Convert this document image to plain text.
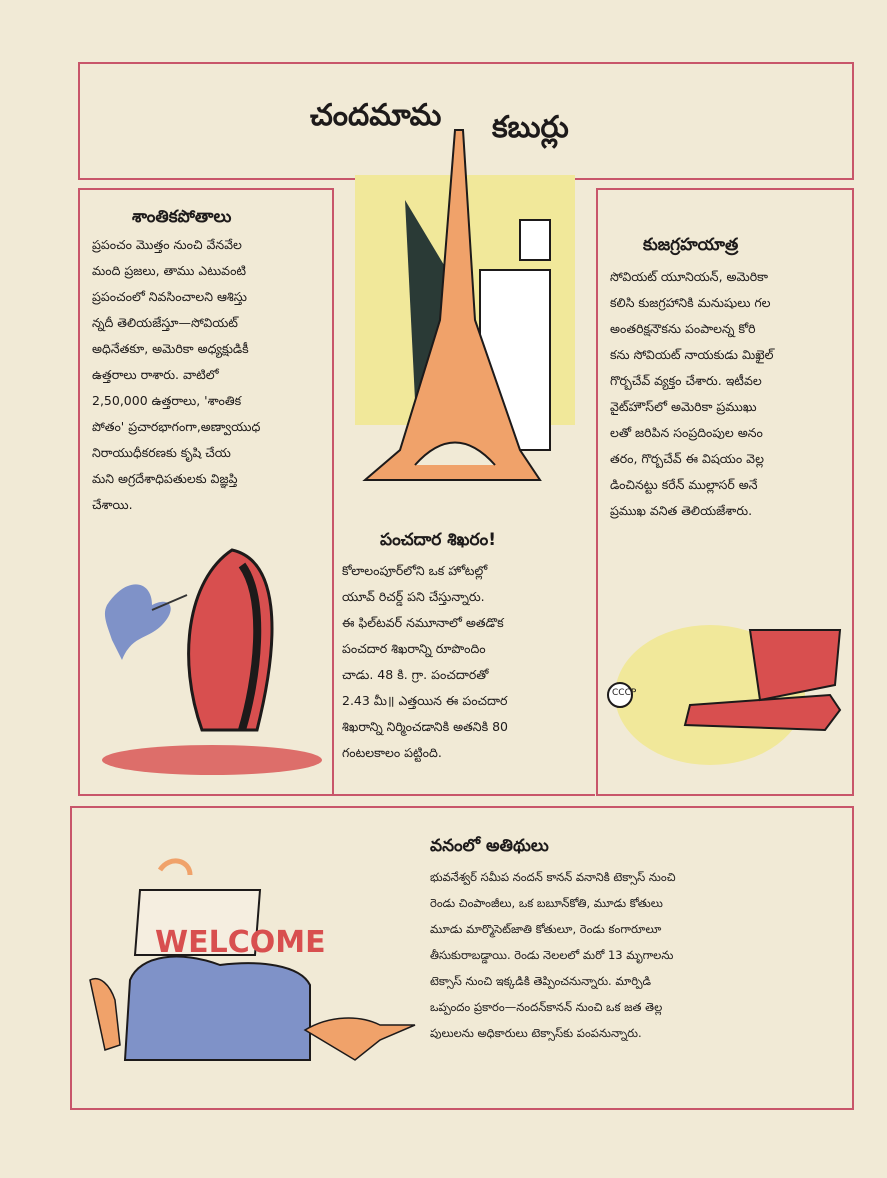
చందమామ కబుర్లు
శాంతికపోతాలు
ప్రపంచం మొత్తం నుంచి వేనవేల
మంది ప్రజలు, తాము ఎటువంటి
ప్రపంచంలో నివసించాలని ఆశిస్తు
న్నదీ తెలియజేస్తూ—సోవియట్
అధినేతకూ, అమెరికా అధ్యక్షుడికీ
ఉత్తరాలు రాశారు. వాటిలో
2,50,000 ఉత్తరాలు, 'శాంతిక
పోతం' ప్రచారభాగంగా,అణ్వాయుధ
నిరాయుధీకరణకు కృషి చేయ
మని అగ్రదేశాధిపతులకు విజ్ఞప్తి
చేశాయి.
పంచదార శిఖరం!
కోలాలంపూర్‌లోని ఒక హోటల్లో
యూవ్ రిచర్డ్ పని చేస్తున్నారు.
ఈ ఫిల్‌టవర్ నమూనాలో అతడొక
పంచదార శిఖరాన్ని రూపొందిం
చాడు. 48 కి. గ్రా. పంచదారతో
2.43 మీ॥ ఎత్తయిన ఈ పంచదార
శిఖరాన్ని నిర్మించడానికి అతనికి 80
గంటలకాలం పట్టింది.
కుజగ్రహయాత్ర
సోవియట్ యూనియన్, అమెరికా
కలిసి కుజగ్రహానికి మనుషులు గల
అంతరిక్షనౌకను పంపాలన్న కోరి
కను సోవియట్ నాయకుడు మిఖైల్
గొర్బచేవ్ వ్యక్తం చేశారు. ఇటీవల
వైట్‌హౌస్‌లో అమెరికా ప్రముఖు
లతో జరిపిన సంప్రదింపుల అనం
తరం, గొర్బచేవ్ ఈ విషయం వెల్ల
డించినట్టు కరేన్ ముల్లాసర్ అనే
ప్రముఖ వనిత తెలియజేశారు.
CCCP
WELCOME
వనంలో అతిథులు
భువనేశ్వర్ సమీప నందన్ కానన్ వనానికి టెక్సాస్ నుంచి
రెండు చింపాంజీలు, ఒక బబూన్‌కోతి, మూడు కోతులు
మూడు మార్మొసెట్‌జాతి కోతులూ, రెండు కంగారూలూ
తీసుకురాబడ్డాయి. రెండు నెలలలో మరో 13 మృగాలను
టెక్సాస్ నుంచి ఇక్కడికి తెప్పించనున్నారు. మార్పిడి
ఒప్పందం ప్రకారం—నందన్‌కానన్ నుంచి ఒక జత తెల్ల
పులులను అధికారులు టెక్సాస్‌కు పంపనున్నారు.
